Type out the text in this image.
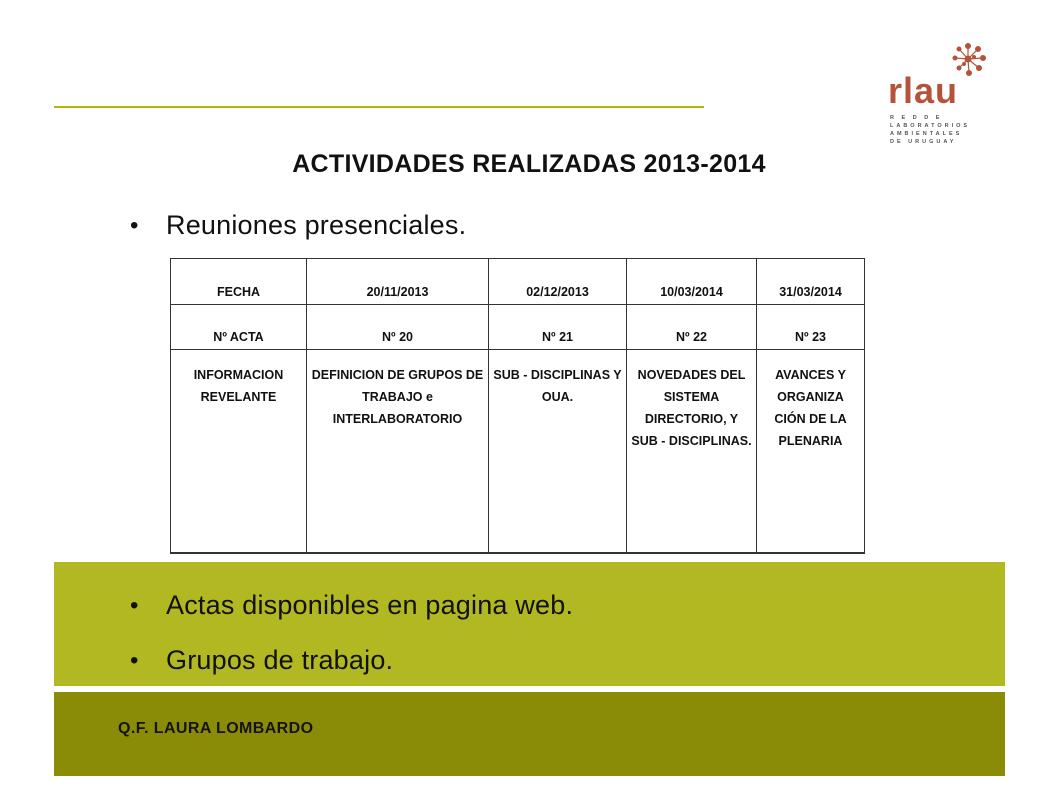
rlau
R E D D E
LABORATORIOS
AMBIENTALES
DE URUGUAY
ACTIVIDADES REALIZADAS 2013-2014
•	Reuniones presenciales.
FECHA	20/11/2013	02/12/2013	10/03/2014	31/03/2014
Nº ACTA	Nº 20	Nº 21	Nº 22	Nº 23
INFORMACION REVELANTE	DEFINICION DE GRUPOS DE TRABAJO e INTERLABORATORIO	SUB - DISCIPLINAS Y OUA.	NOVEDADES DEL SISTEMA DIRECTORIO, Y SUB - DISCIPLINAS.	AVANCES Y ORGANIZA CIÓN DE LA PLENARIA
•	Actas disponibles en pagina web.
•	Grupos de trabajo.
Q.F. LAURA LOMBARDO
